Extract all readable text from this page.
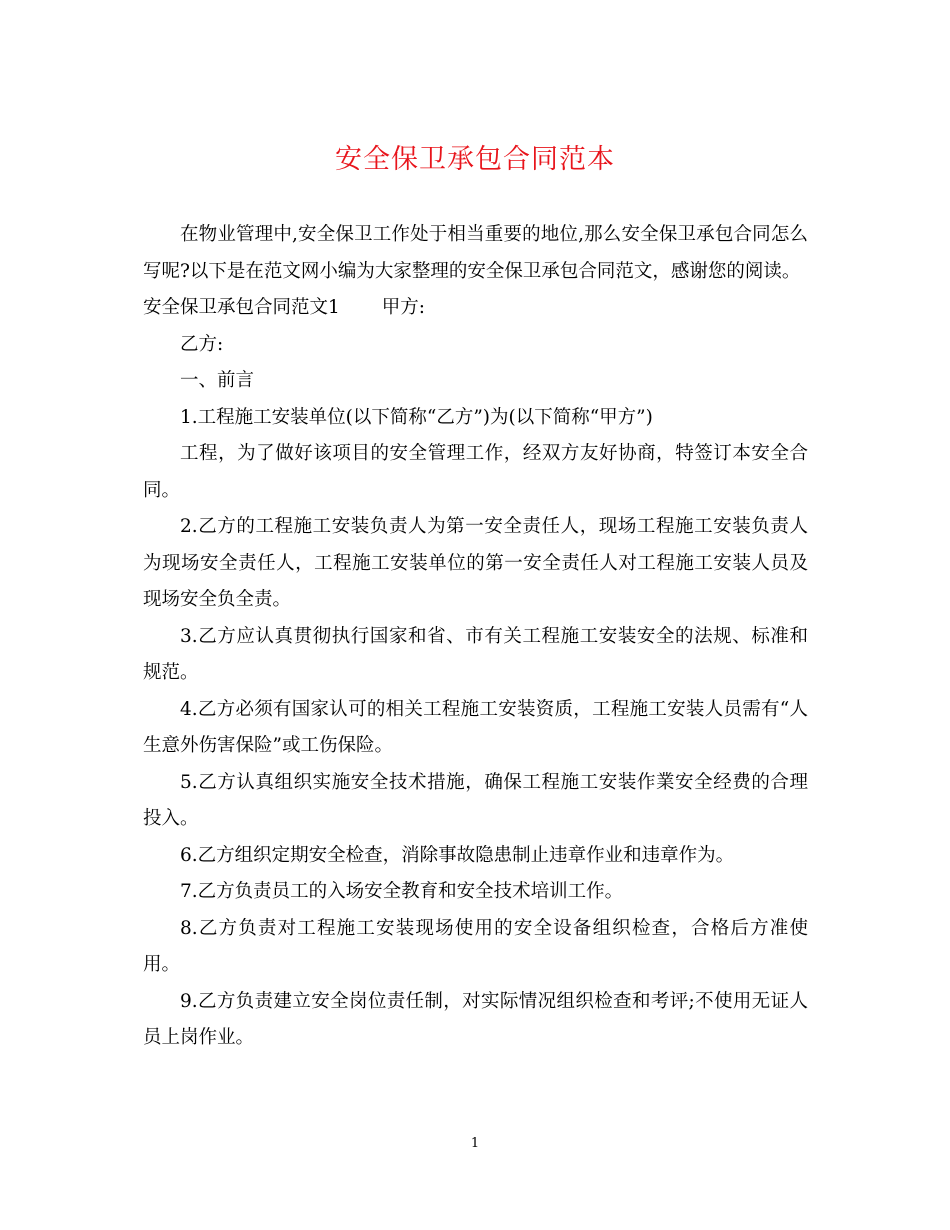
安全保卫承包合同范本

在物业管理中,安全保卫工作处于相当重要的地位,那么安全保卫承包合同怎么写呢?以下是在范文网小编为大家整理的安全保卫承包合同范文，感谢您的阅读。

安全保卫承包合同范文1 甲方:

乙方:

一、前言

1.工程施工安装单位(以下简称“乙方”)为(以下简称“甲方”)

工程，为了做好该项目的安全管理工作，经双方友好协商，特签订本安全合同。

2.乙方的工程施工安装负责人为第一安全责任人，现场工程施工安装负责人为现场安全责任人，工程施工安装单位的第一安全责任人对工程施工安装人员及现场安全负全责。

3.乙方应认真贯彻执行国家和省、市有关工程施工安装安全的法规、标准和规范。

4.乙方必须有国家认可的相关工程施工安装资质，工程施工安装人员需有“人生意外伤害保险”或工伤保险。

5.乙方认真组织实施安全技术措施，确保工程施工安装作業安全经费的合理投入。

6.乙方组织定期安全检查，消除事故隐患制止违章作业和违章作为。

7.乙方负责员工的入场安全教育和安全技术培训工作。

8.乙方负责对工程施工安装现场使用的安全设备组织检查，合格后方准使用。

9.乙方负责建立安全岗位责任制，对实际情况组织检查和考评;不使用无证人员上岗作业。

1
